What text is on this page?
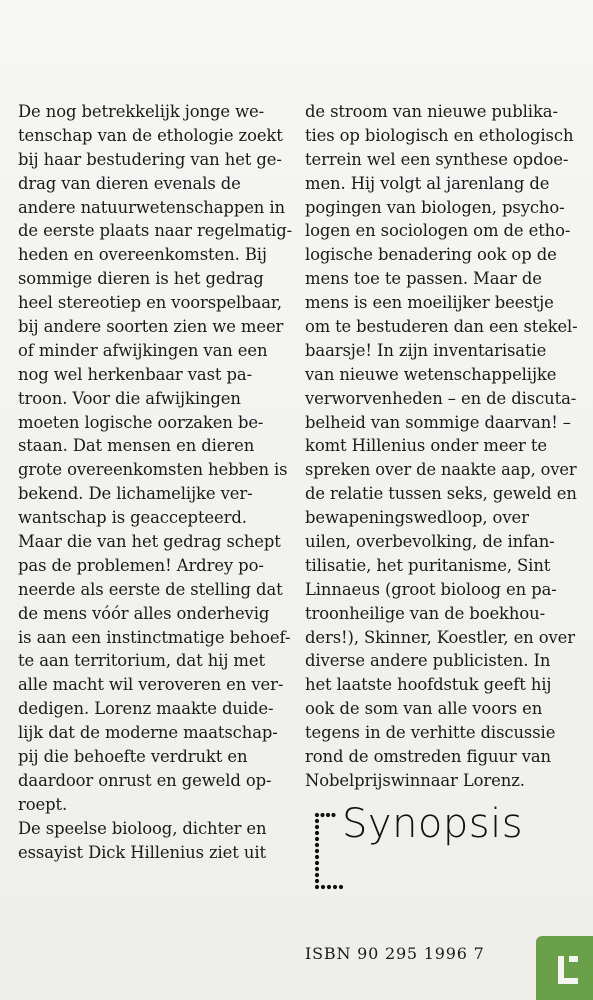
De nog betrekkelijk jonge we-
tenschap van de ethologie zoekt
bij haar bestudering van het ge-
drag van dieren evenals de
andere natuurwetenschappen in
de eerste plaats naar regelmatig-
heden en overeenkomsten. Bij
sommige dieren is het gedrag
heel stereotiep en voorspelbaar,
bij andere soorten zien we meer
of minder afwijkingen van een
nog wel herkenbaar vast pa-
troon. Voor die afwijkingen
moeten logische oorzaken be-
staan. Dat mensen en dieren
grote overeenkomsten hebben is
bekend. De lichamelijke ver-
wantschap is geaccepteerd.
Maar die van het gedrag schept
pas de problemen! Ardrey po-
neerde als eerste de stelling dat
de mens vóór alles onderhevig
is aan een instinctmatige behoef-
te aan territorium, dat hij met
alle macht wil veroveren en ver-
dedigen. Lorenz maakte duide-
lijk dat de moderne maatschap-
pij die behoefte verdrukt en
daardoor onrust en geweld op-
roept.
De speelse bioloog, dichter en
essayist Dick Hillenius ziet uit
de stroom van nieuwe publika-
ties op biologisch en ethologisch
terrein wel een synthese opdoe-
men. Hij volgt al jarenlang de
pogingen van biologen, psycho-
logen en sociologen om de etho-
logische benadering ook op de
mens toe te passen. Maar de
mens is een moeilijker beestje
om te bestuderen dan een stekel-
baarsje! In zijn inventarisatie
van nieuwe wetenschappelijke
verworvenheden – en de discuta-
belheid van sommige daarvan! –
komt Hillenius onder meer te
spreken over de naakte aap, over
de relatie tussen seks, geweld en
bewapeningswedloop, over
uilen, overbevolking, de infan-
tilisatie, het puritanisme, Sint
Linnaeus (groot bioloog en pa-
troonheilige van de boekhou-
ders!), Skinner, Koestler, en over
diverse andere publicisten. In
het laatste hoofdstuk geeft hij
ook de som van alle voors en
tegens in de verhitte discussie
rond de omstreden figuur van
Nobelprijswinnaar Lorenz.
Synopsis
ISBN 90 295 1996 7
